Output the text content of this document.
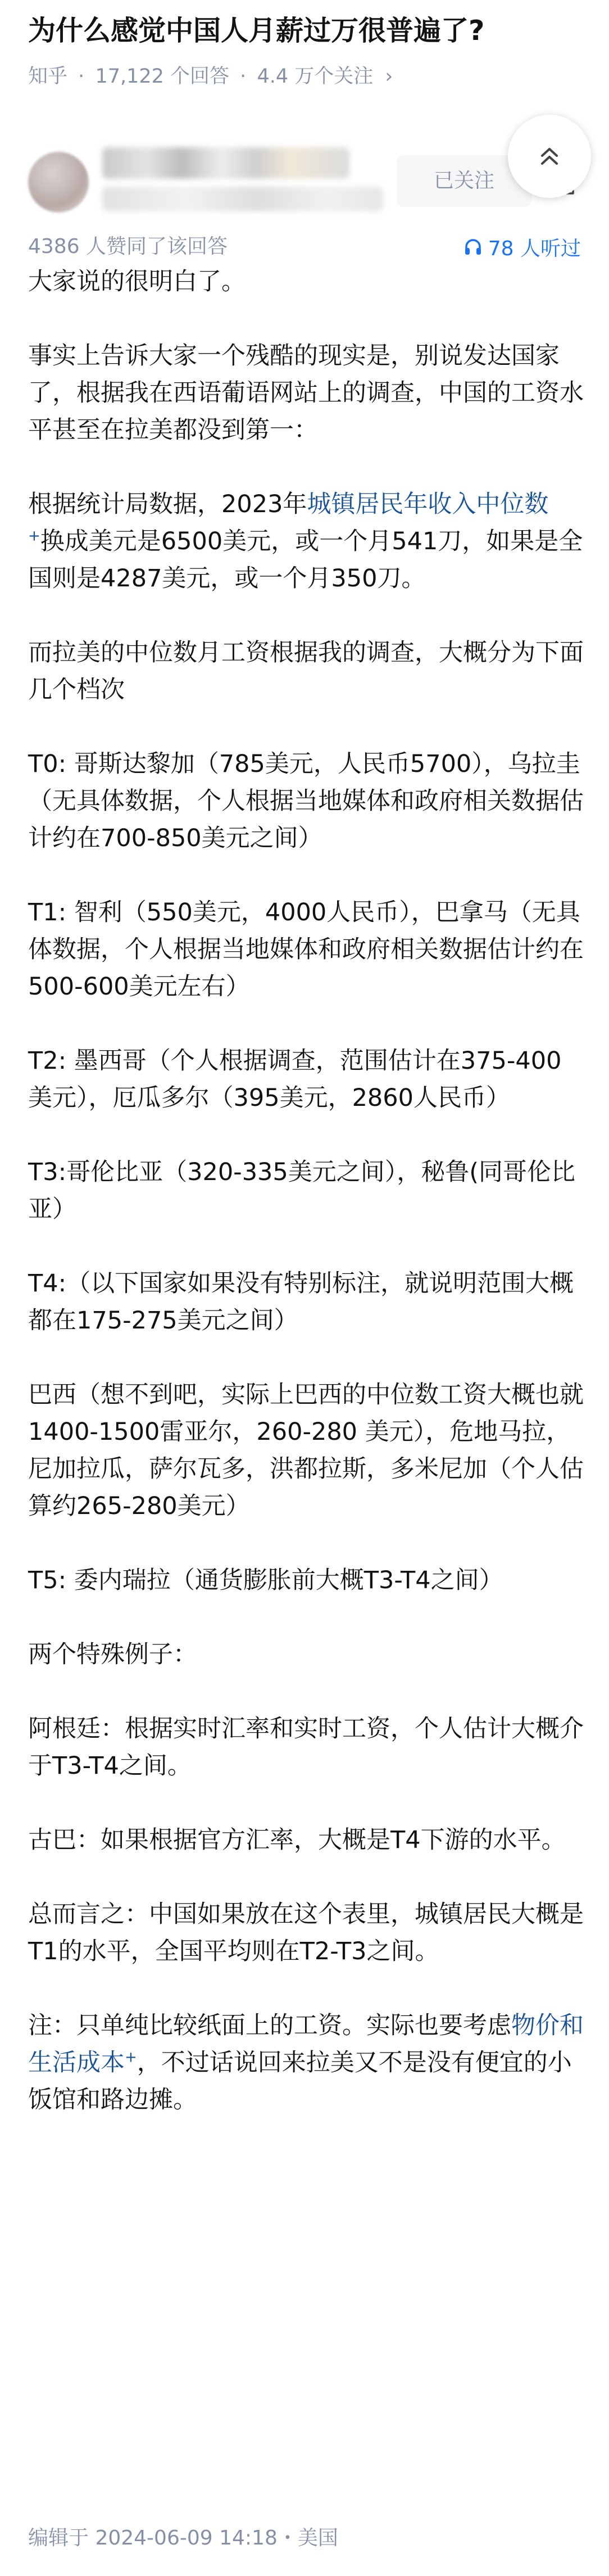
为什么感觉中国人月薪过万很普遍了?
知乎 · 17,122 个回答 · 4.4 万个关注 ›
已关注
4386 人赞同了该回答	78 人听过

大家说的很明白了。

事实上告诉大家一个残酷的现实是，别说发达国家了，根据我在西语葡语网站上的调查，中国的工资水平甚至在拉美都没到第一：

根据统计局数据，2023年城镇居民年收入中位数+换成美元是6500美元，或一个月541刀，如果是全国则是4287美元，或一个月350刀。

而拉美的中位数月工资根据我的调查，大概分为下面几个档次

T0: 哥斯达黎加（785美元，人民币5700），乌拉圭（无具体数据，个人根据当地媒体和政府相关数据估计约在700-850美元之间）

T1: 智利（550美元，4000人民币），巴拿马（无具体数据，个人根据当地媒体和政府相关数据估计约在500-600美元左右）

T2: 墨西哥（个人根据调查，范围估计在375-400美元），厄瓜多尔（395美元，2860人民币）

T3:哥伦比亚（320-335美元之间），秘鲁(同哥伦比亚）

T4:（以下国家如果没有特别标注，就说明范围大概都在175-275美元之间）

巴西（想不到吧，实际上巴西的中位数工资大概也就1400-1500雷亚尔，260-280 美元），危地马拉，尼加拉瓜，萨尔瓦多，洪都拉斯，多米尼加（个人估算约265-280美元）

T5: 委内瑞拉（通货膨胀前大概T3-T4之间）

两个特殊例子：

阿根廷：根据实时汇率和实时工资，个人估计大概介于T3-T4之间。

古巴：如果根据官方汇率，大概是T4下游的水平。

总而言之：中国如果放在这个表里，城镇居民大概是T1的水平，全国平均则在T2-T3之间。

注：只单纯比较纸面上的工资。实际也要考虑物价和生活成本+，不过话说回来拉美又不是没有便宜的小饭馆和路边摊。

编辑于 2024-06-09 14:18・美国
